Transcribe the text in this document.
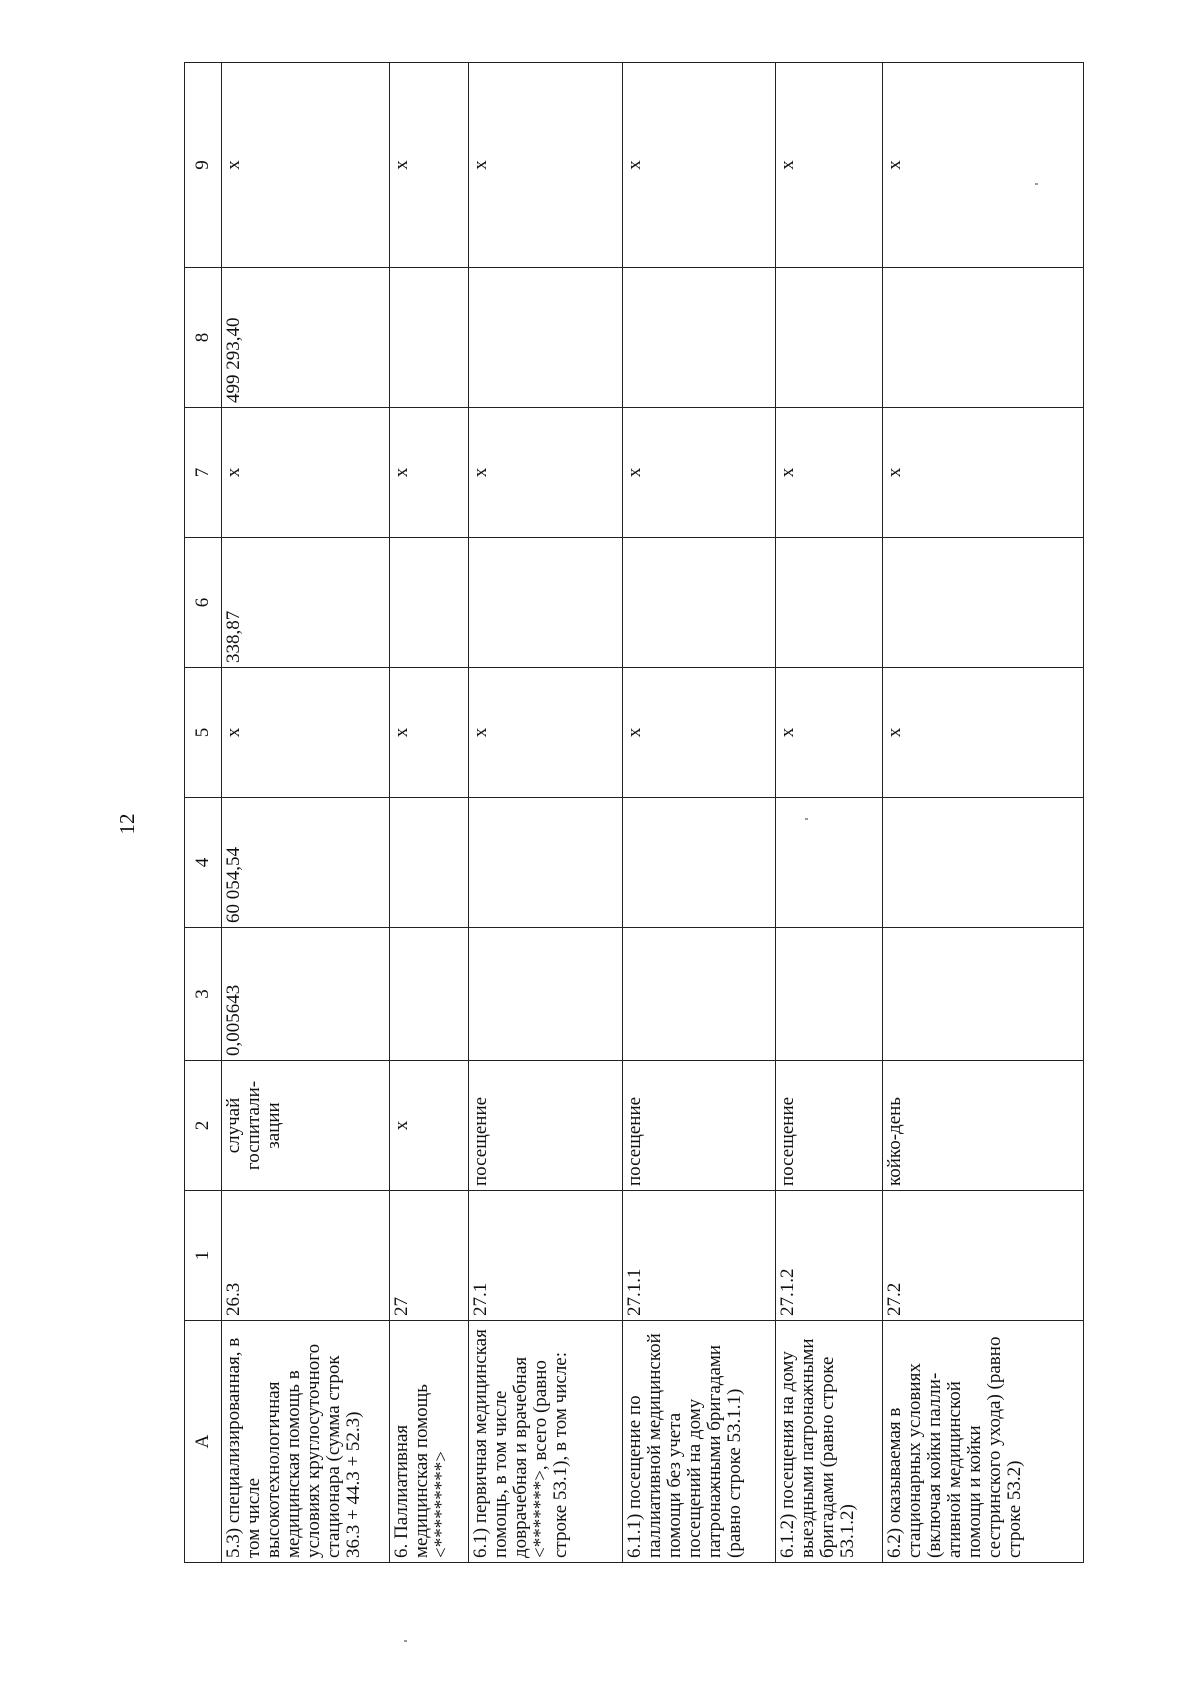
12
A	1	2	3	4	5	6	7	8	9
5.3) специализированная, в том числе высокотехнологичная медицинская помощь в условиях круглосуточного стационара (сумма строк 36.3 + 44.3 + 52.3)	26.3	случай госпитали-зации	0,005643	60 054,54	х	338,87	х	499 293,40	х
6. Паллиативная медицинская помощь <*********>	27	х			х		х		х
6.1) первичная медицинская помощь, в том числе доврачебная и врачебная <*******>, всего (равно строке 53.1), в том числе:	27.1	посещение			х		х		х
6.1.1) посещение по паллиативной медицинской помощи без учета посещений на дому патронажными бригадами (равно строке 53.1.1)	27.1.1	посещение			х		х		х
6.1.2) посещения на дому выездными патронажными бригадами (равно строке 53.1.2)	27.1.2	посещение			х		х		х
6.2) оказываемая в стационарных условиях (включая койки палли-ативной медицинской помощи и койки сестринского ухода) (равно строке 53.2)	27.2	койко-день			х		х		х
